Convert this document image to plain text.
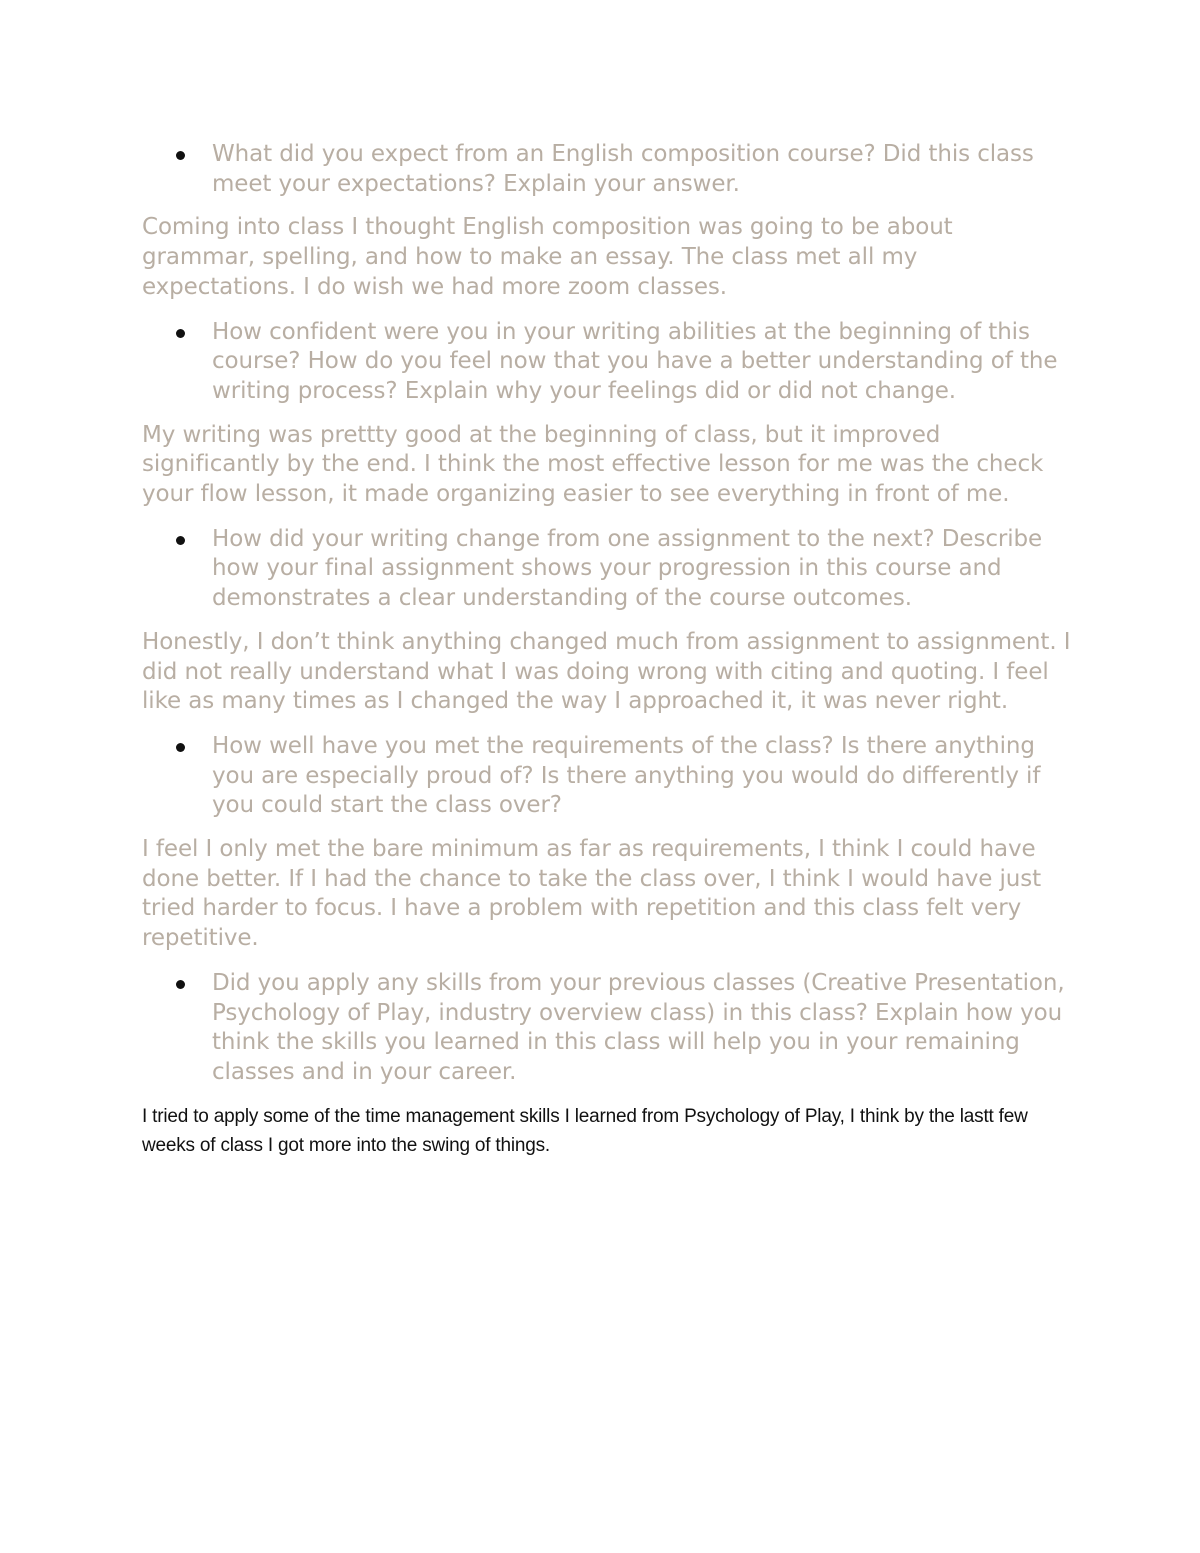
What did you expect from an English composition course? Did this class meet your expectations? Explain your answer.

Coming into class I thought English composition was going to be about grammar, spelling, and how to make an essay. The class met all my expectations. I do wish we had more zoom classes.

How confident were you in your writing abilities at the beginning of this course? How do you feel now that you have a better understanding of the writing process? Explain why your feelings did or did not change.

My writing was prettty good at the beginning of class, but it improved significantly by the end. I think the most effective lesson for me was the check your flow lesson, it made organizing easier to see everything in front of me.

How did your writing change from one assignment to the next? Describe how your final assignment shows your progression in this course and demonstrates a clear understanding of the course outcomes.

Honestly, I don’t think anything changed much from assignment to assignment. I did not really understand what I was doing wrong with citing and quoting. I feel like as many times as I changed the way I approached it, it was never right.

How well have you met the requirements of the class? Is there anything you are especially proud of? Is there anything you would do differently if you could start the class over?

I feel I only met the bare minimum as far as requirements, I think I could have done better. If I had the chance to take the class over, I think I would have just tried harder to focus. I have a problem with repetition and this class felt very repetitive.

Did you apply any skills from your previous classes (Creative Presentation, Psychology of Play, industry overview class) in this class? Explain how you think the skills you learned in this class will help you in your remaining classes and in your career.

I tried to apply some of the time management skills I learned from Psychology of Play, I think by the lastt few weeks of class I got more into the swing of things.
